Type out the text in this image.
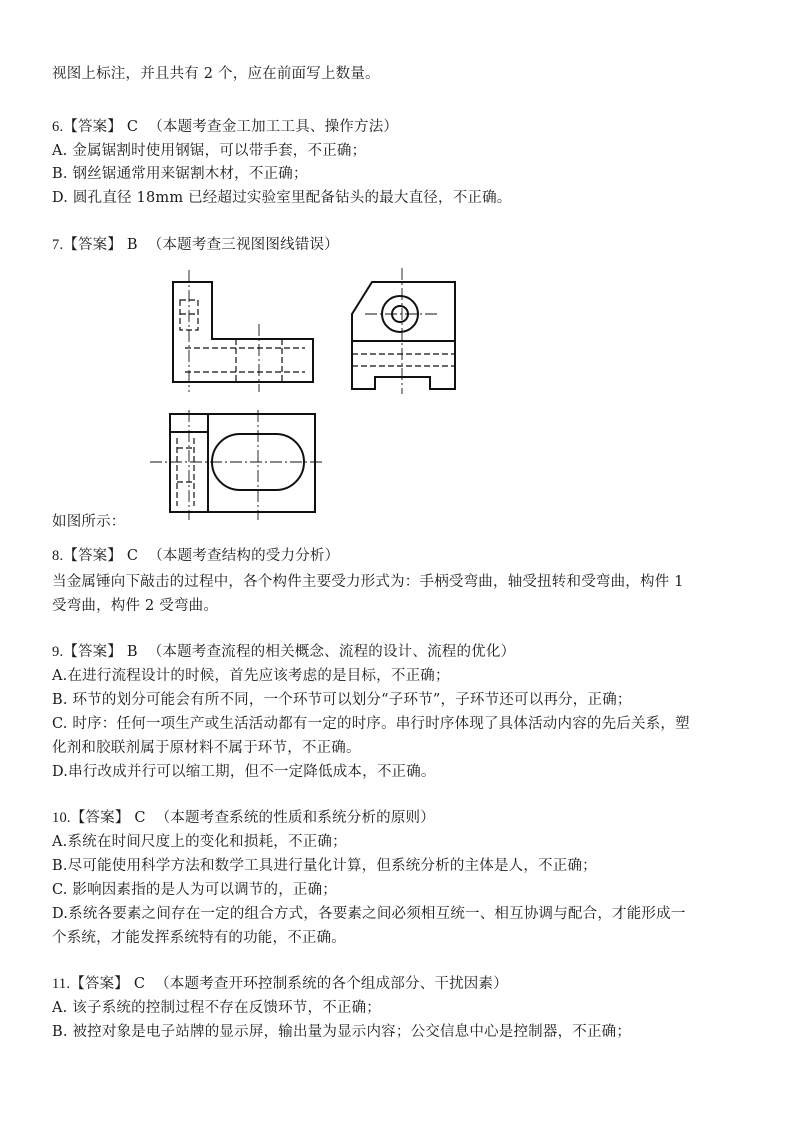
视图上标注，并且共有 2 个，应在前面写上数量。
6.【答案】 C （本题考查金工加工工具、操作方法）
A. 金属锯割时使用钢锯，可以带手套，不正确；
B. 钢丝锯通常用来锯割木材，不正确；
D. 圆孔直径 18mm 已经超过实验室里配备钻头的最大直径，不正确。
7.【答案】 B （本题考查三视图图线错误）
如图所示：
8.【答案】 C （本题考查结构的受力分析）
当金属锤向下敲击的过程中，各个构件主要受力形式为：手柄受弯曲，轴受扭转和受弯曲，构件 1
受弯曲，构件 2 受弯曲。
9.【答案】 B （本题考查流程的相关概念、流程的设计、流程的优化）
A.在进行流程设计的时候，首先应该考虑的是目标，不正确；
B. 环节的划分可能会有所不同，一个环节可以划分“子环节”，子环节还可以再分，正确；
C. 时序：任何一项生产或生活活动都有一定的时序。串行时序体现了具体活动内容的先后关系，塑
化剂和胶联剂属于原材料不属于环节，不正确。
D.串行改成并行可以缩工期，但不一定降低成本，不正确。
10.【答案】 C （本题考查系统的性质和系统分析的原则）
A.系统在时间尺度上的变化和损耗，不正确；
B.尽可能使用科学方法和数学工具进行量化计算，但系统分析的主体是人，不正确；
C. 影响因素指的是人为可以调节的，正确；
D.系统各要素之间存在一定的组合方式，各要素之间必须相互统一、相互协调与配合，才能形成一
个系统，才能发挥系统特有的功能，不正确。
11.【答案】 C （本题考查开环控制系统的各个组成部分、干扰因素）
A. 该子系统的控制过程不存在反馈环节，不正确；
B. 被控对象是电子站牌的显示屏，输出量为显示内容；公交信息中心是控制器，不正确；
